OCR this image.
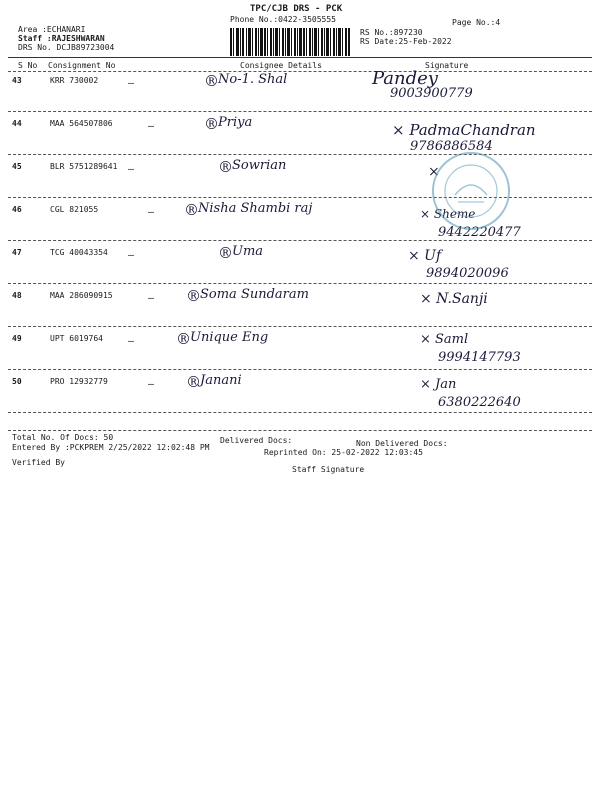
TPC/CJB DRS - PCK
Phone No.:0422-3505555
Area :ECHANARI
Staff :RAJESHWARAN
DRS No. DCJB89723004
RS No.:897230
RS Date:25-Feb-2022
Page No.:4
S No Consignment No	Consignee Details	Signature
43	KRR 730002	—	® No-1. Shal	Pandey
9003900779
44	MAA 564507806	—	® Priya	× PadmaChandran
9786886584
45	BLR 5751289641 —	® Sowrian	×
46	CGL 821055	— ® Nisha Shambi raj	× Sheme
9442220477
47	TCG 40043354 —	® Uma	× Uf
9894020096
48	MAA 286090915	— ® Soma Sundaram	× N.Sanji
49	UPT 6019764	—	® Unique Eng	× Saml
9994147793
50	PRO 12932779	— ® Janani	× Jan
6380222640
Total No. Of Docs: 50	Delivered Docs:	Non Delivered Docs:
Entered By :PCKPREM 2/25/2022 12:02:48 PM
Reprinted On: 25-02-2022 12:03:45
Verified By
Staff Signature
